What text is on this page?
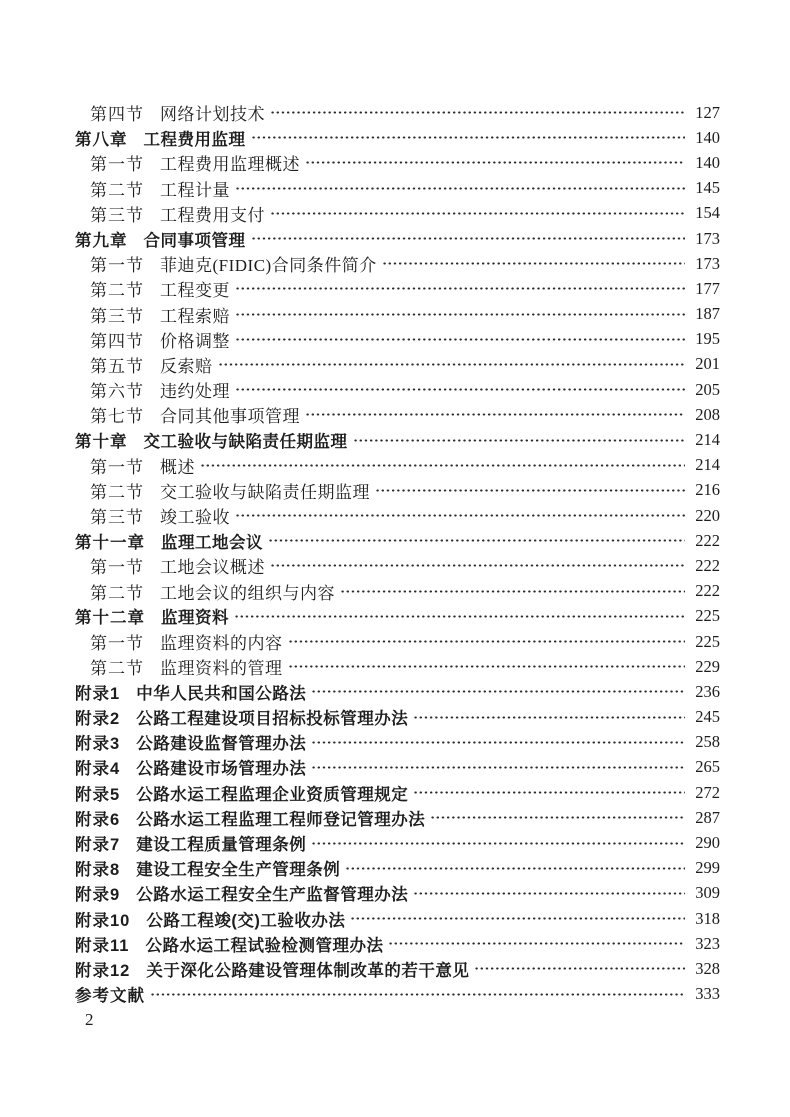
第四节 网络计划技术	127
第八章 工程费用监理	140
第一节 工程费用监理概述	140
第二节 工程计量	145
第三节 工程费用支付	154
第九章 合同事项管理	173
第一节 菲迪克(FIDIC)合同条件简介	173
第二节 工程变更	177
第三节 工程索赔	187
第四节 价格调整	195
第五节 反索赔	201
第六节 违约处理	205
第七节 合同其他事项管理	208
第十章 交工验收与缺陷责任期监理	214
第一节 概述	214
第二节 交工验收与缺陷责任期监理	216
第三节 竣工验收	220
第十一章 监理工地会议	222
第一节 工地会议概述	222
第二节 工地会议的组织与内容	222
第十二章 监理资料	225
第一节 监理资料的内容	225
第二节 监理资料的管理	229
附录1 中华人民共和国公路法	236
附录2 公路工程建设项目招标投标管理办法	245
附录3 公路建设监督管理办法	258
附录4 公路建设市场管理办法	265
附录5 公路水运工程监理企业资质管理规定	272
附录6 公路水运工程监理工程师登记管理办法	287
附录7 建设工程质量管理条例	290
附录8 建设工程安全生产管理条例	299
附录9 公路水运工程安全生产监督管理办法	309
附录10 公路工程竣(交)工验收办法	318
附录11 公路水运工程试验检测管理办法	323
附录12 关于深化公路建设管理体制改革的若干意见	328
参考文献	333
2
